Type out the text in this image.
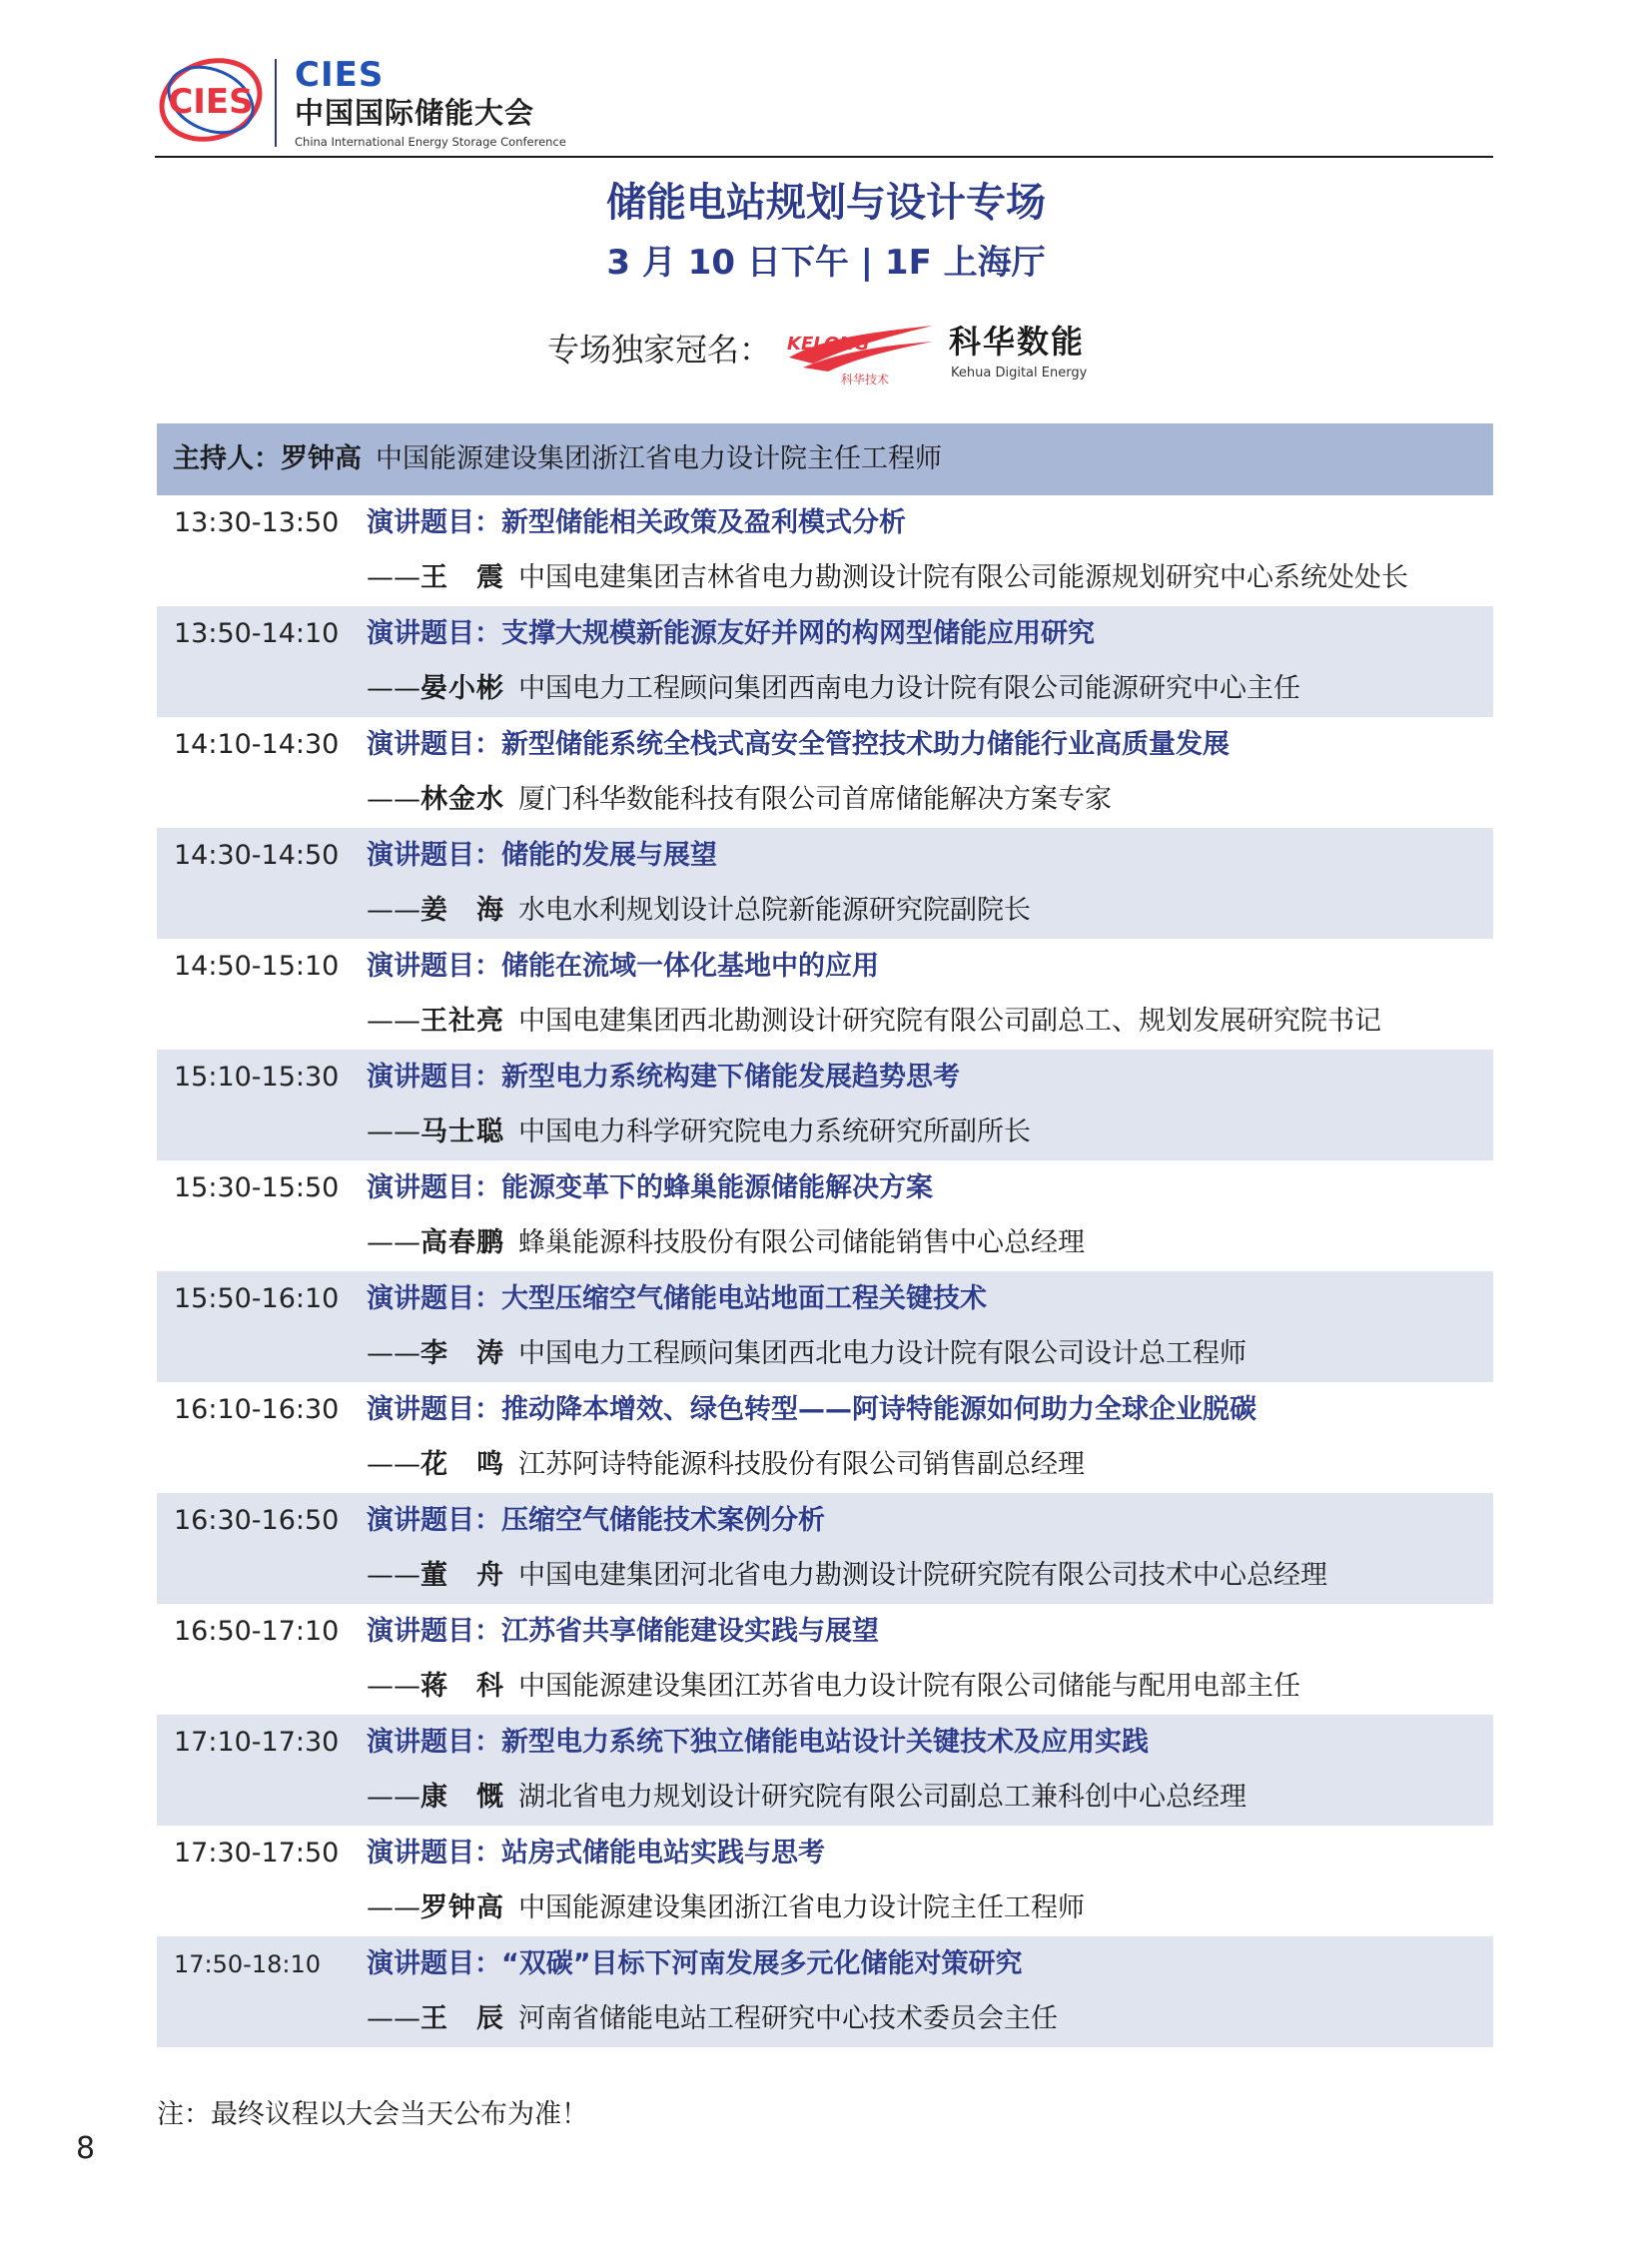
CIES
CIES
中国国际储能大会
China International Energy Storage Conference
储能电站规划与设计专场
3 月 10 日下午 | 1F 上海厅
专场独家冠名： KELONG
科华技术
科华数能
Kehua Digital Energy
主持人：罗钟高 中国能源建设集团浙江省电力设计院主任工程师
13:30-13:50 演讲题目：新型储能相关政策及盈利模式分析
——王　震 中国电建集团吉林省电力勘测设计院有限公司能源规划研究中心系统处处长
13:50-14:10 演讲题目：支撑大规模新能源友好并网的构网型储能应用研究
——晏小彬 中国电力工程顾问集团西南电力设计院有限公司能源研究中心主任
14:10-14:30 演讲题目：新型储能系统全栈式高安全管控技术助力储能行业高质量发展
——林金水 厦门科华数能科技有限公司首席储能解决方案专家
14:30-14:50 演讲题目：储能的发展与展望
——姜　海 水电水利规划设计总院新能源研究院副院长
14:50-15:10 演讲题目：储能在流域一体化基地中的应用
——王社亮 中国电建集团西北勘测设计研究院有限公司副总工、规划发展研究院书记
15:10-15:30 演讲题目：新型电力系统构建下储能发展趋势思考
——马士聪 中国电力科学研究院电力系统研究所副所长
15:30-15:50 演讲题目：能源变革下的蜂巢能源储能解决方案
——高春鹏 蜂巢能源科技股份有限公司储能销售中心总经理
15:50-16:10 演讲题目：大型压缩空气储能电站地面工程关键技术
——李　涛 中国电力工程顾问集团西北电力设计院有限公司设计总工程师
16:10-16:30 演讲题目：推动降本增效、绿色转型——阿诗特能源如何助力全球企业脱碳
——花　鸣 江苏阿诗特能源科技股份有限公司销售副总经理
16:30-16:50 演讲题目：压缩空气储能技术案例分析
——董　舟 中国电建集团河北省电力勘测设计院研究院有限公司技术中心总经理
16:50-17:10 演讲题目：江苏省共享储能建设实践与展望
——蒋　科 中国能源建设集团江苏省电力设计院有限公司储能与配用电部主任
17:10-17:30 演讲题目：新型电力系统下独立储能电站设计关键技术及应用实践
——康　慨 湖北省电力规划设计研究院有限公司副总工兼科创中心总经理
17:30-17:50 演讲题目：站房式储能电站实践与思考
——罗钟高 中国能源建设集团浙江省电力设计院主任工程师
17:50-18:10 演讲题目：“双碳”目标下河南发展多元化储能对策研究
——王　辰 河南省储能电站工程研究中心技术委员会主任
注：最终议程以大会当天公布为准！
8
